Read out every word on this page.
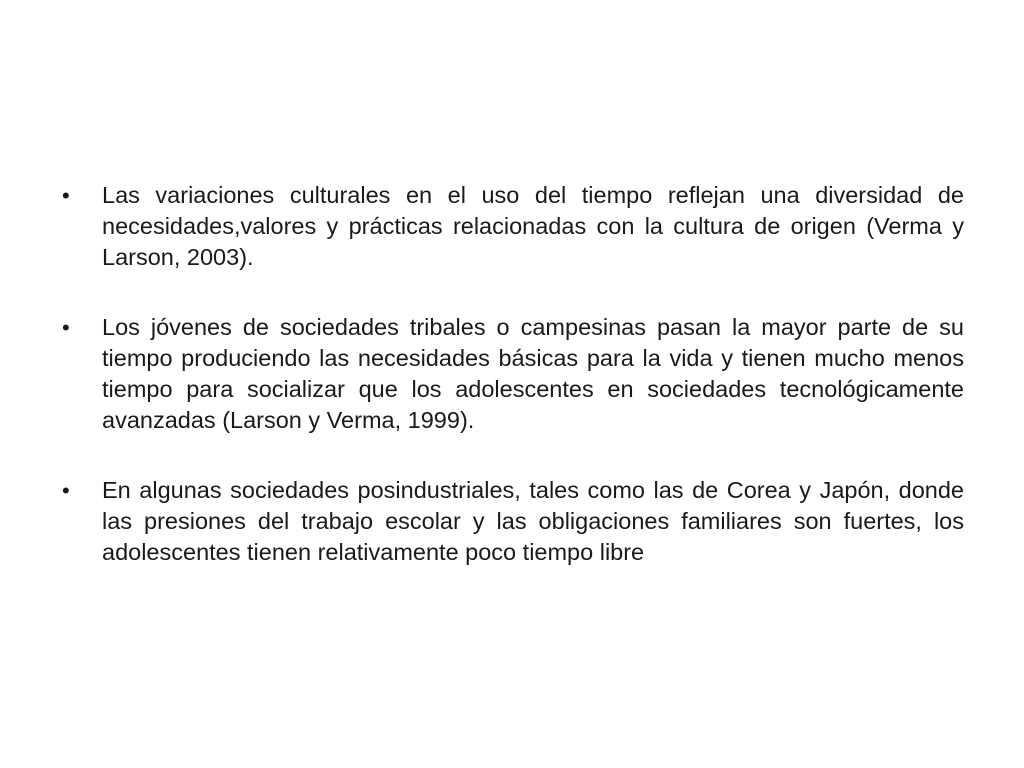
•	Las variaciones culturales en el uso del tiempo reflejan una diversidad de necesidades,valores y prácticas relacionadas con la cultura de origen (Verma y Larson, 2003).
•	Los jóvenes de sociedades tribales o campesinas pasan la mayor parte de su tiempo produciendo las necesidades básicas para la vida y tienen mucho menos tiempo para socializar que los adolescentes en sociedades tecnológicamente avanzadas (Larson y Verma, 1999).
•	En algunas sociedades posindustriales, tales como las de Corea y Japón, donde las presiones del trabajo escolar y las obligaciones familiares son fuertes, los adolescentes tienen relativamente poco tiempo libre
